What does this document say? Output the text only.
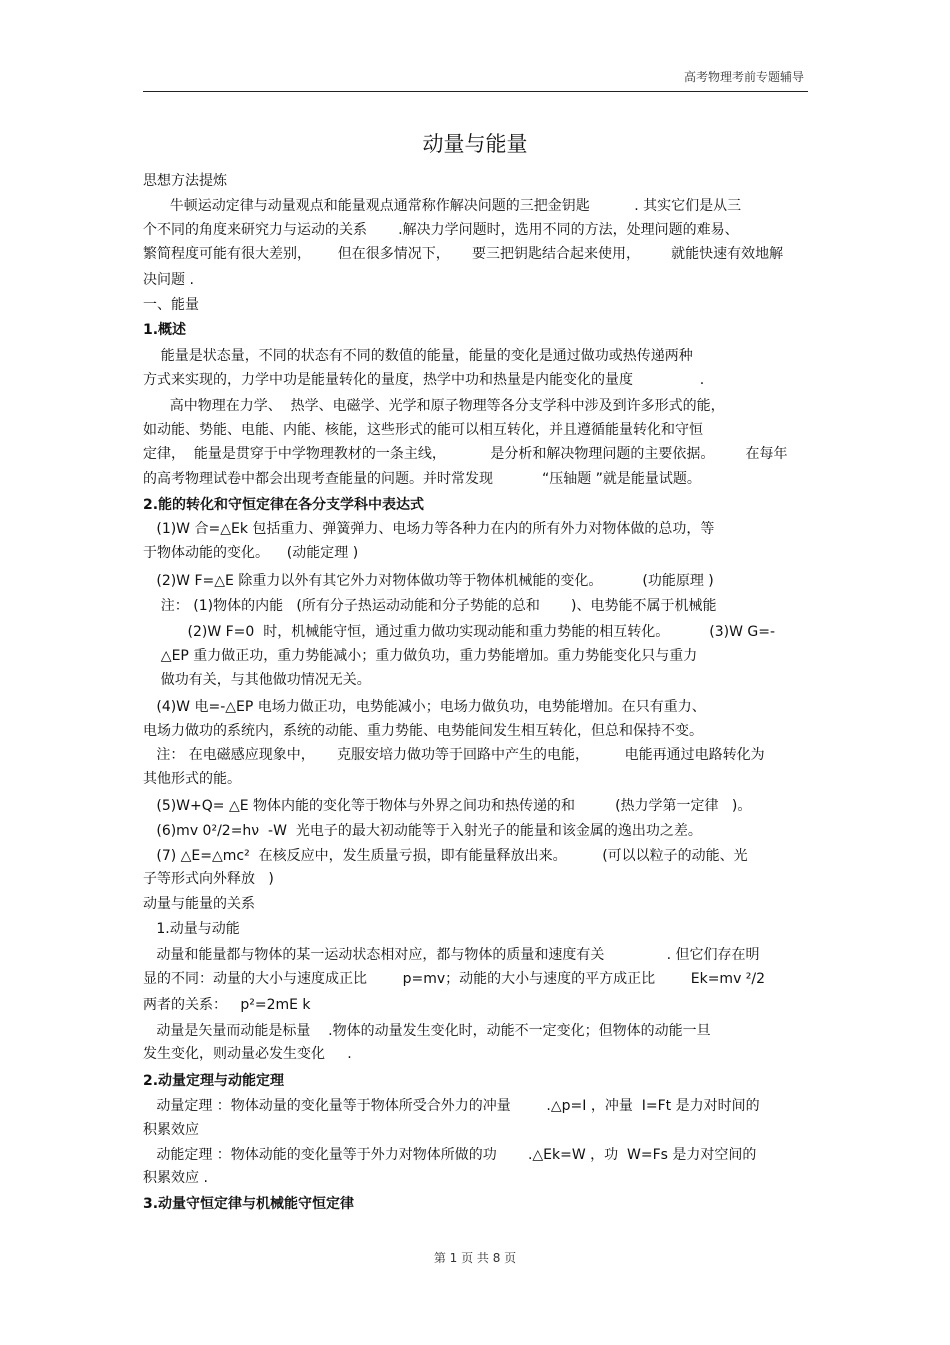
高考物理考前专题辅导
动量与能量
思想方法提炼
牛顿运动定律与动量观点和能量观点通常称作解决问题的三把金钥匙          . 其实它们是从三
个不同的角度来研究力与运动的关系       .解决力学问题时，选用不同的方法，处理问题的难易、
繁简程度可能有很大差别，      但在很多情况下，     要三把钥匙结合起来使用，       就能快速有效地解
决问题 .
一、能量
1.概述
能量是状态量，不同的状态有不同的数值的能量，能量的变化是通过做功或热传递两种
方式来实现的，力学中功是能量转化的量度，热学中功和热量是内能变化的量度               .
高中物理在力学、  热学、电磁学、光学和原子物理等各分支学科中涉及到许多形式的能，
如动能、势能、电能、内能、核能，这些形式的能可以相互转化，并且遵循能量转化和守恒
定律，  能量是贯穿于中学物理教材的一条主线，          是分析和解决物理问题的主要依据。       在每年
的高考物理试卷中都会出现考查能量的问题。并时常发现           “压轴题 ”就是能量试题。
2.能的转化和守恒定律在各分支学科中表达式
(1)W 合=△Ek 包括重力、弹簧弹力、电场力等各种力在内的所有外力对物体做的总功，等
于物体动能的变化。    (动能定理 )
(2)W F=△E 除重力以外有其它外力对物体做功等于物体机械能的变化。         (功能原理 )
注： (1)物体的内能   (所有分子热运动动能和分子势能的总和       )、电势能不属于机械能
(2)W F=0  时，机械能守恒，通过重力做功实现动能和重力势能的相互转化。         (3)W G=-
△EP 重力做正功，重力势能减小；重力做负功，重力势能增加。重力势能变化只与重力
做功有关，与其他做功情况无关。
(4)W 电=-△EP 电场力做正功，电势能减小；电场力做负功，电势能增加。在只有重力、
电场力做功的系统内，系统的动能、重力势能、电势能间发生相互转化，但总和保持不变。
注： 在电磁感应现象中，     克服安培力做功等于回路中产生的电能，        电能再通过电路转化为
其他形式的能。
(5)W+Q= △E 物体内能的变化等于物体与外界之间功和热传递的和         (热力学第一定律   )。
(6)mv 0²/2=hν  -W  光电子的最大初动能等于入射光子的能量和该金属的逸出功之差。
(7) △E=△mc²  在核反应中，发生质量亏损，即有能量释放出来。        (可以以粒子的动能、光
子等形式向外释放   )
动量与能量的关系
1.动量与动能
动量和能量都与物体的某一运动状态相对应，都与物体的质量和速度有关              . 但它们存在明
显的不同：动量的大小与速度成正比        p=mv；动能的大小与速度的平方成正比        Ek=mv ²/2
两者的关系：   p²=2mE k
动量是矢量而动能是标量    .物体的动量发生变化时，动能不一定变化；但物体的动能一旦
发生变化，则动量必发生变化     .
2.动量定理与动能定理
动量定理 ：物体动量的变化量等于物体所受合外力的冲量        .△p=I ，冲量  I=Ft 是力对时间的
积累效应
动能定理 ：物体动能的变化量等于外力对物体所做的功       .△Ek=W ，功  W=Fs 是力对空间的
积累效应 .
3.动量守恒定律与机械能守恒定律
第 1 页 共 8 页
